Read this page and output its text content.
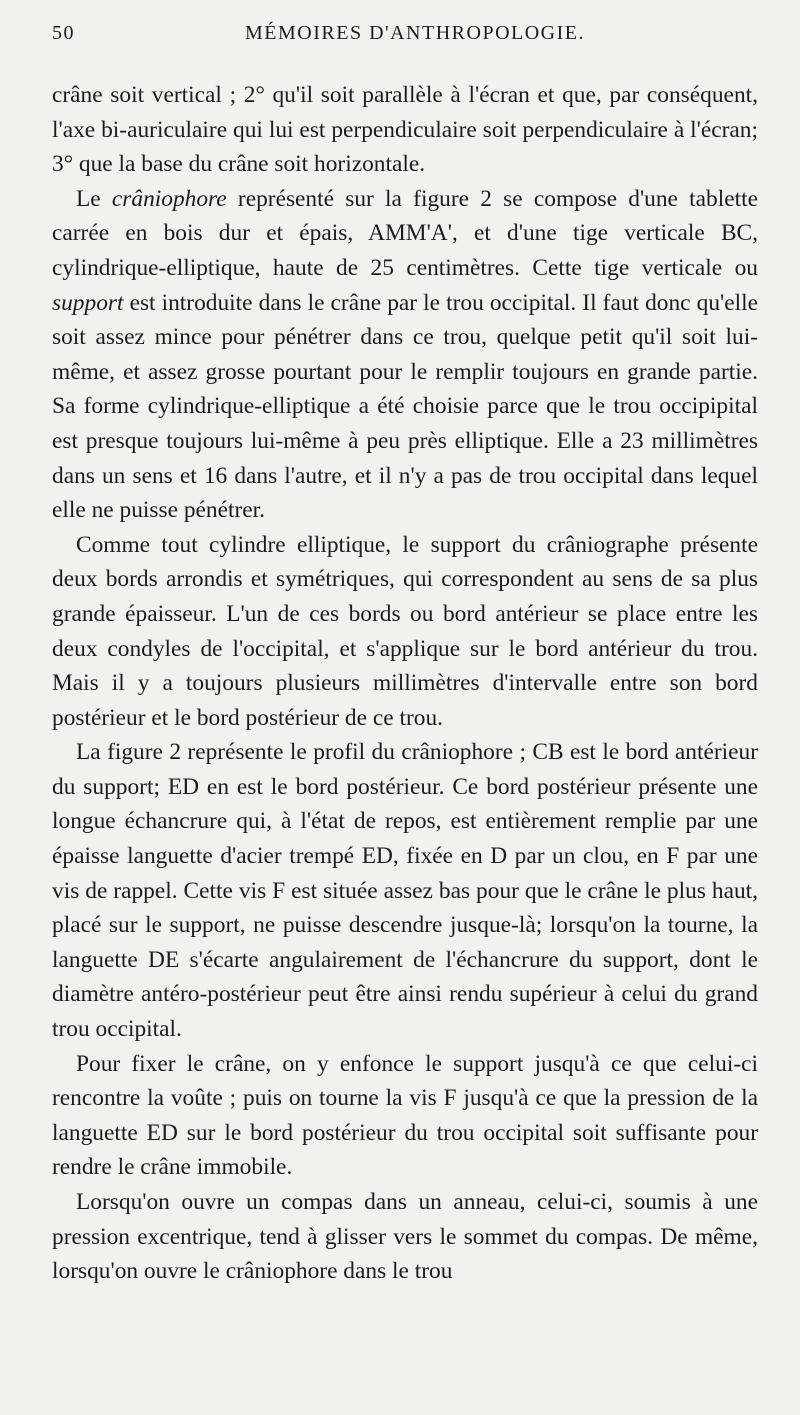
50	MÉMOIRES D'ANTHROPOLOGIE.

crâne soit vertical ; 2° qu'il soit parallèle à l'écran et que, par conséquent, l'axe bi-auriculaire qui lui est perpendiculaire soit perpendiculaire à l'écran; 3° que la base du crâne soit horizontale.

Le crâniophore représenté sur la figure 2 se compose d'une tablette carrée en bois dur et épais, AMM'A', et d'une tige verticale BC, cylindrique-elliptique, haute de 25 centimètres. Cette tige verticale ou support est introduite dans le crâne par le trou occipital. Il faut donc qu'elle soit assez mince pour pénétrer dans ce trou, quelque petit qu'il soit lui-même, et assez grosse pourtant pour le remplir toujours en grande partie. Sa forme cylindrique-elliptique a été choisie parce que le trou occipipital est presque toujours lui-même à peu près elliptique. Elle a 23 millimètres dans un sens et 16 dans l'autre, et il n'y a pas de trou occipital dans lequel elle ne puisse pénétrer.

Comme tout cylindre elliptique, le support du crâniographe présente deux bords arrondis et symétriques, qui correspondent au sens de sa plus grande épaisseur. L'un de ces bords ou bord antérieur se place entre les deux condyles de l'occipital, et s'applique sur le bord antérieur du trou. Mais il y a toujours plusieurs millimètres d'intervalle entre son bord postérieur et le bord postérieur de ce trou.

La figure 2 représente le profil du crâniophore ; CB est le bord antérieur du support; ED en est le bord postérieur. Ce bord postérieur présente une longue échancrure qui, à l'état de repos, est entièrement remplie par une épaisse languette d'acier trempé ED, fixée en D par un clou, en F par une vis de rappel. Cette vis F est située assez bas pour que le crâne le plus haut, placé sur le support, ne puisse descendre jusque-là; lorsqu'on la tourne, la languette DE s'écarte angulairement de l'échancrure du support, dont le diamètre antéro-postérieur peut être ainsi rendu supérieur à celui du grand trou occipital.

Pour fixer le crâne, on y enfonce le support jusqu'à ce que celui-ci rencontre la voûte ; puis on tourne la vis F jusqu'à ce que la pression de la languette ED sur le bord postérieur du trou occipital soit suffisante pour rendre le crâne immobile.

Lorsqu'on ouvre un compas dans un anneau, celui-ci, soumis à une pression excentrique, tend à glisser vers le sommet du compas. De même, lorsqu'on ouvre le crâniophore dans le trou
